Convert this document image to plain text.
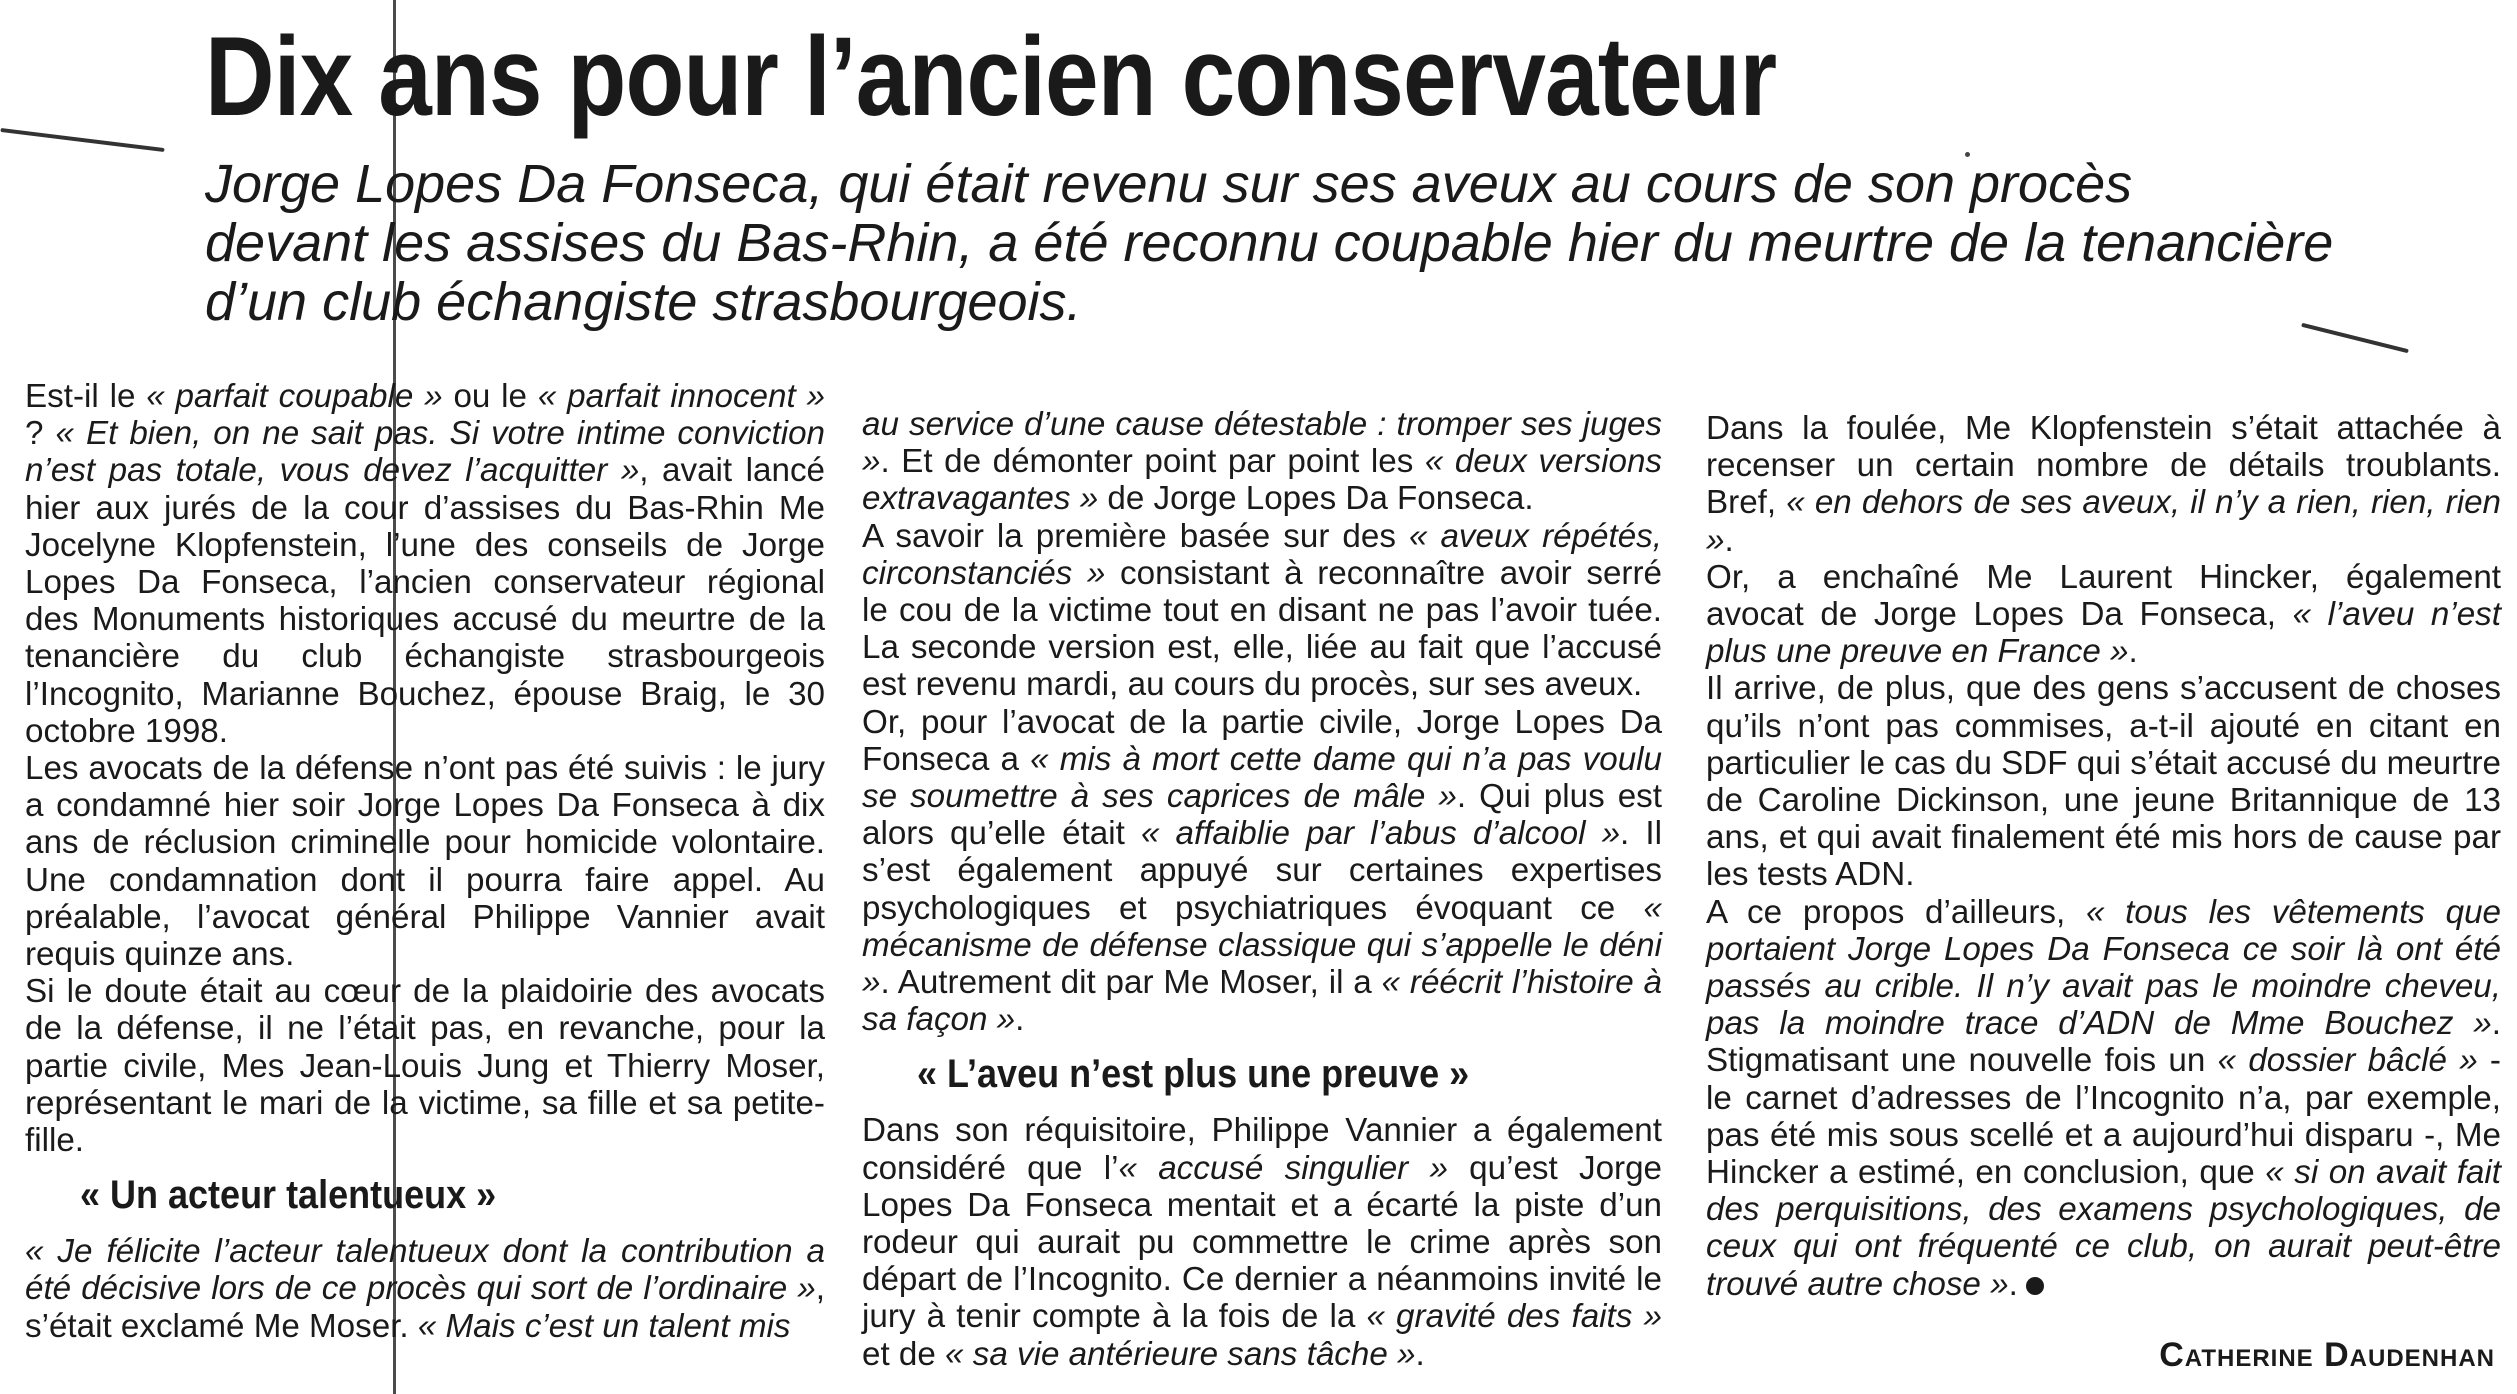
Dix ans pour l’ancien conservateur
Jorge Lopes Da Fonseca, qui était revenu sur ses aveux au cours de son procès
devant les assises du Bas-Rhin, a été reconnu coupable hier du meurtre de la tenancière
d’un club échangiste strasbourgeois.

Est-il le « parfait coupable » ou le « parfait innocent » ? « Et bien, on ne sait pas. Si votre intime conviction n’est pas totale, vous devez l’acquitter », avait lancé hier aux jurés de la cour d’assises du Bas-Rhin Me Jocelyne Klopfenstein, l’une des conseils de Jorge Lopes Da Fonseca, l’ancien conservateur régional des Monuments historiques accusé du meurtre de la tenancière du club échangiste strasbourgeois l’Incognito, Marianne Bouchez, épouse Braig, le 30 octobre 1998.

Les avocats de la défense n’ont pas été suivis : le jury a condamné hier soir Jorge Lopes Da Fonseca à dix ans de réclusion criminelle pour homicide volontaire. Une condamnation dont il pourra faire appel. Au préalable, l’avocat général Philippe Vannier avait requis quinze ans.

Si le doute était au cœur de la plaidoirie des avocats de la défense, il ne l’était pas, en revanche, pour la partie civile, Mes Jean-Louis Jung et Thierry Moser, représentant le mari de la victime, sa fille et sa petite-fille.

« Un acteur talentueux »

« Je félicite l’acteur talentueux dont la contribution a été décisive lors de ce procès qui sort de l’ordinaire », s’était exclamé Me Moser. « Mais c’est un talent mis

au service d’une cause détestable : tromper ses juges ». Et de démonter point par point les « deux versions extravagantes » de Jorge Lopes Da Fonseca.

A savoir la première basée sur des « aveux répétés, circonstanciés » consistant à reconnaître avoir serré le cou de la victime tout en disant ne pas l’avoir tuée. La seconde version est, elle, liée au fait que l’accusé est revenu mardi, au cours du procès, sur ses aveux.

Or, pour l’avocat de la partie civile, Jorge Lopes Da Fonseca a « mis à mort cette dame qui n’a pas voulu se soumettre à ses caprices de mâle ». Qui plus est alors qu’elle était « affaiblie par l’abus d’alcool ». Il s’est également appuyé sur certaines expertises psychologiques et psychiatriques évoquant ce « mécanisme de défense classique qui s’appelle le déni ». Autrement dit par Me Moser, il a « réécrit l’histoire à sa façon ».

« L’aveu n’est plus une preuve »

Dans son réquisitoire, Philippe Vannier a également considéré que l’« accusé singulier » qu’est Jorge Lopes Da Fonseca mentait et a écarté la piste d’un rodeur qui aurait pu commettre le crime après son départ de l’Incognito. Ce dernier a néanmoins invité le jury à tenir compte à la fois de la « gravité des faits » et de « sa vie antérieure sans tâche ».

Dans la foulée, Me Klopfenstein s’était attachée à recenser un certain nombre de détails troublants. Bref, « en dehors de ses aveux, il n’y a rien, rien, rien ».

Or, a enchaîné Me Laurent Hincker, également avocat de Jorge Lopes Da Fonseca, « l’aveu n’est plus une preuve en France ».

Il arrive, de plus, que des gens s’accusent de choses qu’ils n’ont pas commises, a-t-il ajouté en citant en particulier le cas du SDF qui s’était accusé du meurtre de Caroline Dickinson, une jeune Britannique de 13 ans, et qui avait finalement été mis hors de cause par les tests ADN.

A ce propos d’ailleurs, « tous les vêtements que portaient Jorge Lopes Da Fonseca ce soir là ont été passés au crible. Il n’y avait pas le moindre cheveu, pas la moindre trace d’ADN de Mme Bouchez ». Stigmatisant une nouvelle fois un « dossier bâclé » - le carnet d’adresses de l’Incognito n’a, par exemple, pas été mis sous scellé et a aujourd’hui disparu -, Me Hincker a estimé, en conclusion, que « si on avait fait des perquisitions, des examens psychologiques, de ceux qui ont fréquenté ce club, on aurait peut-être trouvé autre chose ».

Catherine Daudenhan
